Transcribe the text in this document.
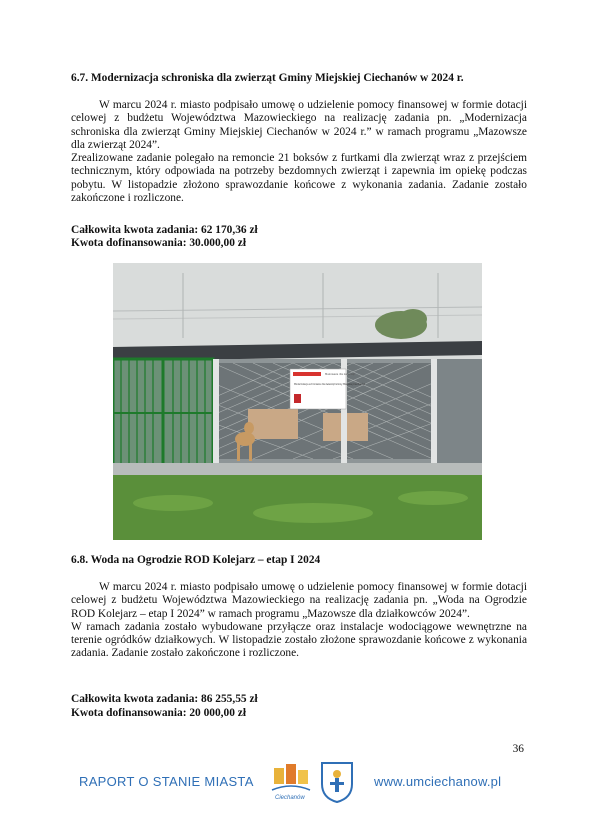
6.7. Modernizacja schroniska dla zwierząt Gminy Miejskiej Ciechanów w 2024 r.

W marcu 2024 r. miasto podpisało umowę o udzielenie pomocy finansowej w formie dotacji celowej z budżetu Województwa Mazowieckiego na realizację zadania pn. „Modernizacja schroniska dla zwierząt Gminy Miejskiej Ciechanów w 2024 r.” w ramach programu „Mazowsze dla zwierząt 2024”.

Zrealizowane zadanie polegało na remoncie 21 boksów z furtkami dla zwierząt wraz z przejściem technicznym, który odpowiada na potrzeby bezdomnych zwierząt i zapewnia im opiekę podczas pobytu. W listopadzie złożono sprawozdanie końcowe z wykonania zadania. Zadanie zostało zakończone i rozliczone.

Całkowita kwota zadania: 62 170,36 zł
Kwota dofinansowania: 30.000,00 zł
Mazowsze dla zwierząt
Modernizacja schroniska dla zwierząt Gminy Miejskiej Ciechanów
6.8. Woda na Ogrodzie ROD Kolejarz – etap I 2024

W marcu 2024 r. miasto podpisało umowę o udzielenie pomocy finansowej w formie dotacji celowej z budżetu Województwa Mazowieckiego na realizację zadania pn. „Woda na Ogrodzie ROD Kolejarz – etap I 2024” w ramach programu „Mazowsze dla działkowców 2024”.

W ramach zadania zostało wybudowane przyłącze oraz instalacje wodociągowe wewnętrzne na terenie ogródków działkowych. W listopadzie zostało złożone sprawozdanie końcowe z wykonania zadania. Zadanie zostało zakończone i rozliczone.

Całkowita kwota zadania: 86 255,55 zł
Kwota dofinansowania: 20 000,00 zł
36
RAPORT O STANIE MIASTA
Ciechanów
www.umciechanow.pl
